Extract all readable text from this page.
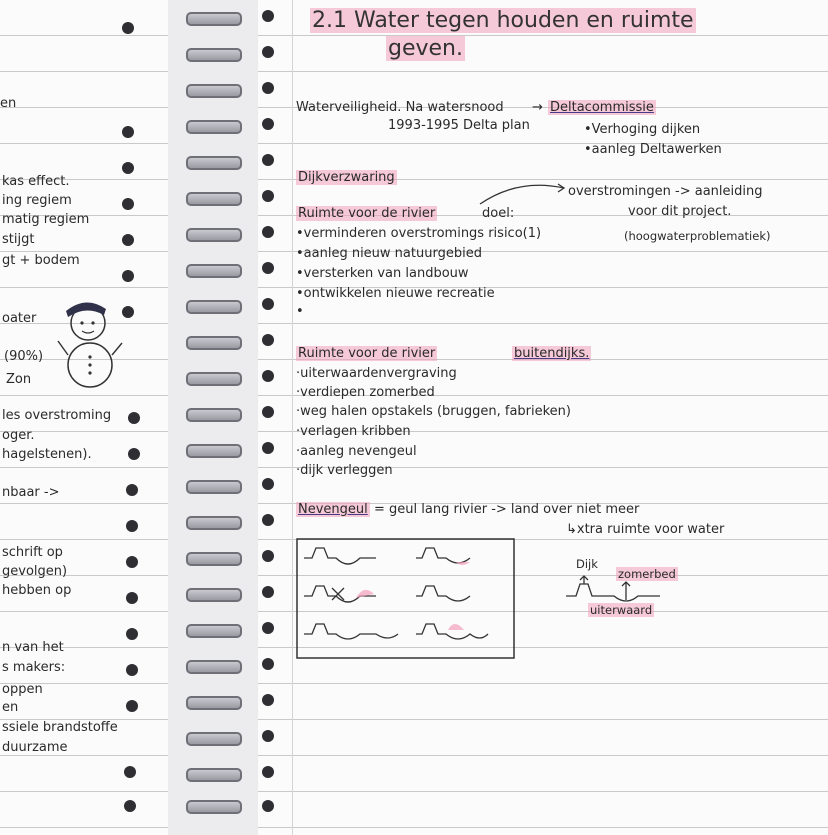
en
kas effect.
ing regiem
matig regiem
stijgt
gt + bodem
oater
(90%)
Zon
les overstroming
oger.
hagelstenen).
nbaar ->
schrift op
gevolgen)
hebben op
n van het
s makers:
oppen
en
ssiele brandstoffe
duurzame
2.1 Water tegen houden en ruimte
geven.
Waterveiligheid. Na watersnood → Deltacommissie
1993-1995 Delta plan	•Verhoging dijken
•aanleg Deltawerken
Dijkverzwaring
overstromingen -> aanleiding
voor dit project.
Ruimte voor de rivier	doel:
(hoogwaterproblematiek)
•verminderen overstromings risico(1)
•aanleg nieuw natuurgebied
•versterken van landbouw
•ontwikkelen nieuwe recreatie
•
Ruimte voor de rivier	buitendijks.
·uiterwaardenvergraving
·verdiepen zomerbed
·weg halen opstakels (bruggen, fabrieken)
·verlagen kribben
·aanleg nevengeul
·dijk verleggen
Nevengeul = geul lang rivier -> land over niet meer
↳xtra ruimte voor water
Dijk
zomerbed
uiterwaard
